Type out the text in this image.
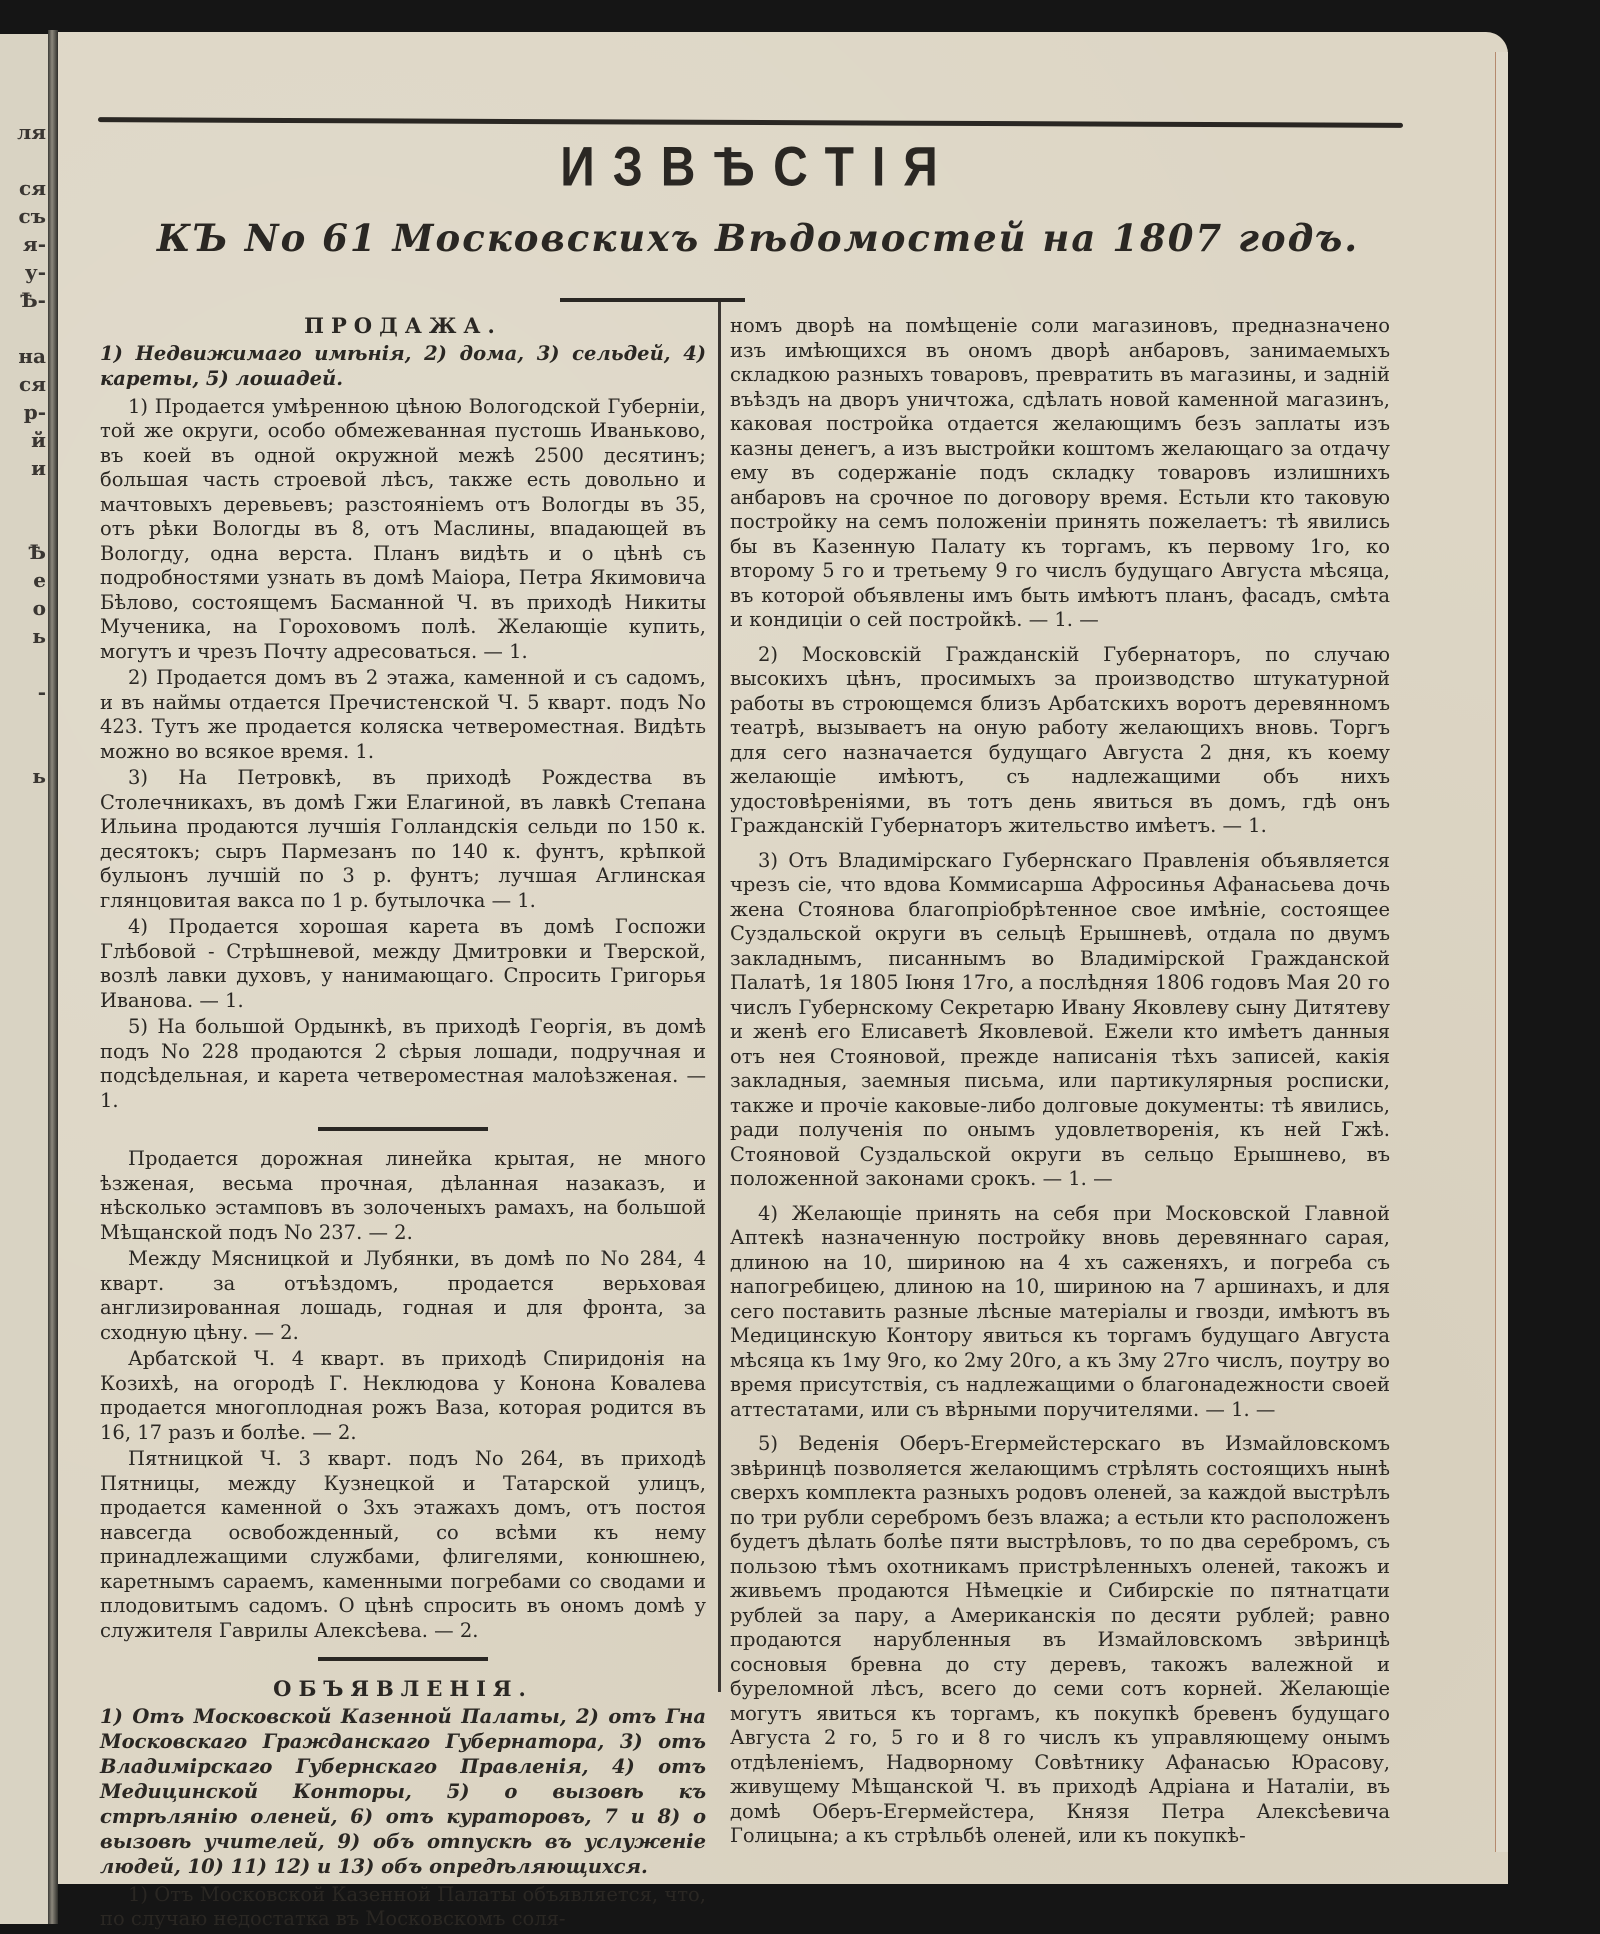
ля
ся
съ
я-
у-
Ѣ-
на
ся
р-
й
и
Ѣ
е
о
ь
-
ь
ИЗВѢСТІЯ
КЪ No 61 Московскихъ Вѣдомостей на 1807 годъ.
ПРОДАЖА.
1) Недвижимаго имѣнія, 2) дома, 3) сельдей, 4) кареты, 5) лошадей.

1) Продается умѣренною цѣною Вологодской Губерніи, той же округи, особо обмежеванная пустошь Иваньково, въ коей въ одной окружной межѣ 2500 десятинъ; большая часть строевой лѣсъ, также есть довольно и мачтовыхъ деревьевъ; разстояніемъ отъ Вологды въ 35, отъ рѣки Вологды въ 8, отъ Маслины, впадающей въ Вологду, одна верста. Планъ видѣть и о цѣнѣ съ подробностями узнать въ домѣ Маіора, Петра Якимовича Бѣлово, состоящемъ Басманной Ч. въ приходѣ Никиты Мученика, на Гороховомъ полѣ. Желающіе купить, могутъ и чрезъ Почту адресоваться. — 1.

2) Продается домъ въ 2 этажа, каменной и съ садомъ, и въ наймы отдается Пречистенской Ч. 5 кварт. подъ No 423. Тутъ же продается коляска четвероместная. Видѣть можно во всякое время. 1.

3) На Петровкѣ, въ приходѣ Рождества въ Столечникахъ, въ домѣ Гжи Елагиной, въ лавкѣ Степана Ильина продаются лучшія Голландскія сельди по 150 к. десятокъ; сыръ Пармезанъ по 140 к. фунтъ, крѣпкой булыонъ лучшій по 3 р. фунтъ; лучшая Аглинская глянцовитая вакса по 1 р. бутылочка — 1.

4) Продается хорошая карета въ домѣ Госпожи Глѣбовой - Стрѣшневой, между Дмитровки и Тверской, возлѣ лавки духовъ, у нанимающаго. Спросить Григорья Иванова. — 1.

5) На большой Ордынкѣ, въ приходѣ Георгія, въ домѣ подъ No 228 продаются 2 сѣрыя лошади, подручная и подсѣдельная, и карета четвероместная малоѣзженая. — 1.

Продается дорожная линейка крытая, не много ѣзженая, весьма прочная, дѣланная назаказъ, и нѣсколько эстамповъ въ золоченыхъ рамахъ, на большой Мѣщанской подъ No 237. — 2.

Между Мясницкой и Лубянки, въ домѣ по No 284, 4 кварт. за отъѣздомъ, продается верьховая англизированная лошадь, годная и для фронта, за сходную цѣну. — 2.

Арбатской Ч. 4 кварт. въ приходѣ Спиридонія на Козихѣ, на огородѣ Г. Неклюдова у Конона Ковалева продается многоплодная рожъ Ваза, которая родится въ 16, 17 разъ и болѣе. — 2.

Пятницкой Ч. 3 кварт. подъ No 264, въ приходѣ Пятницы, между Кузнецкой и Татарской улицъ, продается каменной о 3хъ этажахъ домъ, отъ постоя навсегда освобожденный, со всѣми къ нему принадлежащими службами, флигелями, конюшнею, каретнымъ сараемъ, каменными погребами со сводами и плодовитымъ садомъ. О цѣнѣ спросить въ ономъ домѣ у служителя Гаврилы Алексѣева. — 2.

ОБЪЯВЛЕНІЯ.
1) Отъ Московской Казенной Палаты, 2) отъ Гна Московскаго Гражданскаго Губернатора, 3) отъ Владимірскаго Губернскаго Правленія, 4) отъ Медицинской Конторы, 5) о вызовѣ къ стрѣлянію оленей, 6) отъ кураторовъ, 7 и 8) о вызовѣ учителей, 9) объ отпускѣ въ услуженіе людей, 10) 11) 12) и 13) объ опредѣляющихся.

1) Отъ Московской Казенной Палаты объявляется, что, по случаю недостатка въ Московскомъ соля-

номъ дворѣ на помѣщеніе соли магазиновъ, предназначено изъ имѣющихся въ ономъ дворѣ анбаровъ, занимаемыхъ складкою разныхъ товаровъ, превратить въ магазины, и задній въѣздъ на дворъ уничтожа, сдѣлать новой каменной магазинъ, каковая постройка отдается желающимъ безъ заплаты изъ казны денегъ, а изъ выстройки коштомъ желающаго за отдачу ему въ содержаніе подъ складку товаровъ излишнихъ анбаровъ на срочное по договору время. Естьли кто таковую постройку на семъ положеніи принять пожелаетъ: тѣ явились бы въ Казенную Палату къ торгамъ, къ первому 1го, ко второму 5 го и третьему 9 го числъ будущаго Августа мѣсяца, въ которой объявлены имъ быть имѣютъ планъ, фасадъ, смѣта и кондиціи о сей постройкѣ. — 1. —

2) Московскій Гражданскій Губернаторъ, по случаю высокихъ цѣнъ, просимыхъ за производство штукатурной работы въ строющемся близъ Арбатскихъ воротъ деревянномъ театрѣ, вызываетъ на оную работу желающихъ вновь. Торгъ для сего назначается будущаго Августа 2 дня, къ коему желающіе имѣютъ, съ надлежащими объ нихъ удостовѣреніями, въ тотъ день явиться въ домъ, гдѣ онъ Гражданскій Губернаторъ жительство имѣетъ. — 1.

3) Отъ Владимірскаго Губернскаго Правленія объявляется чрезъ сіе, что вдова Коммисарша Афросинья Афанасьева дочь жена Стоянова благопріобрѣтенное свое имѣніе, состоящее Суздальской округи въ сельцѣ Ерышневѣ, отдала по двумъ закладнымъ, писаннымъ во Владимірской Гражданской Палатѣ, 1я 1805 Іюня 17го, а послѣдняя 1806 годовъ Мая 20 го числъ Губернскому Секретарю Ивану Яковлеву сыну Дитятеву и женѣ его Елисаветѣ Яковлевой. Ежели кто имѣетъ данныя отъ нея Стояновой, прежде написанія тѣхъ записей, какія закладныя, заемныя письма, или партикулярныя росписки, также и прочіе каковые-либо долговые документы: тѣ явились, ради полученія по онымъ удовлетворенія, къ ней Гжѣ. Стояновой Суздальской округи въ сельцо Ерышнево, въ положенной законами срокъ. — 1. —

4) Желающіе принять на себя при Московской Главной Аптекѣ назначенную постройку вновь деревяннаго сарая, длиною на 10, шириною на 4 хъ саженяхъ, и погреба съ напогребицею, длиною на 10, шириною на 7 аршинахъ, и для сего поставить разные лѣсные матеріалы и гвозди, имѣютъ въ Медицинскую Контору явиться къ торгамъ будущаго Августа мѣсяца къ 1му 9го, ко 2му 20го, а къ 3му 27го числъ, поутру во время присутствія, съ надлежащими о благонадежности своей аттестатами, или съ вѣрными поручителями. — 1. —

5) Веденія Оберъ-Егермейстерскаго въ Измайловскомъ звѣринцѣ позволяется желающимъ стрѣлять состоящихъ нынѣ сверхъ комплекта разныхъ родовъ оленей, за каждой выстрѣлъ по три рубли серебромъ безъ влажа; а естьли кто расположенъ будетъ дѣлать болѣе пяти выстрѣловъ, то по два серебромъ, съ пользою тѣмъ охотникамъ пристрѣленныхъ оленей, такожъ и живьемъ продаются Нѣмецкіе и Сибирскіе по пятнатцати рублей за пару, а Американскія по десяти рублей; равно продаются нарубленныя въ Измайловскомъ звѣринцѣ сосновыя бревна до сту деревъ, такожъ валежной и буреломной лѣсъ, всего до семи сотъ корней. Желающіе могутъ явиться къ торгамъ, къ покупкѣ бревенъ будущаго Августа 2 го, 5 го и 8 го числъ къ управляющему онымъ отдѣленіемъ, Надворному Совѣтнику Афанасью Юрасову, живущему Мѣщанской Ч. въ приходѣ Адріана и Наталіи, въ домѣ Оберъ-Егермейстера, Князя Петра Алексѣевича Голицына; а къ стрѣльбѣ оленей, или къ покупкѣ-
